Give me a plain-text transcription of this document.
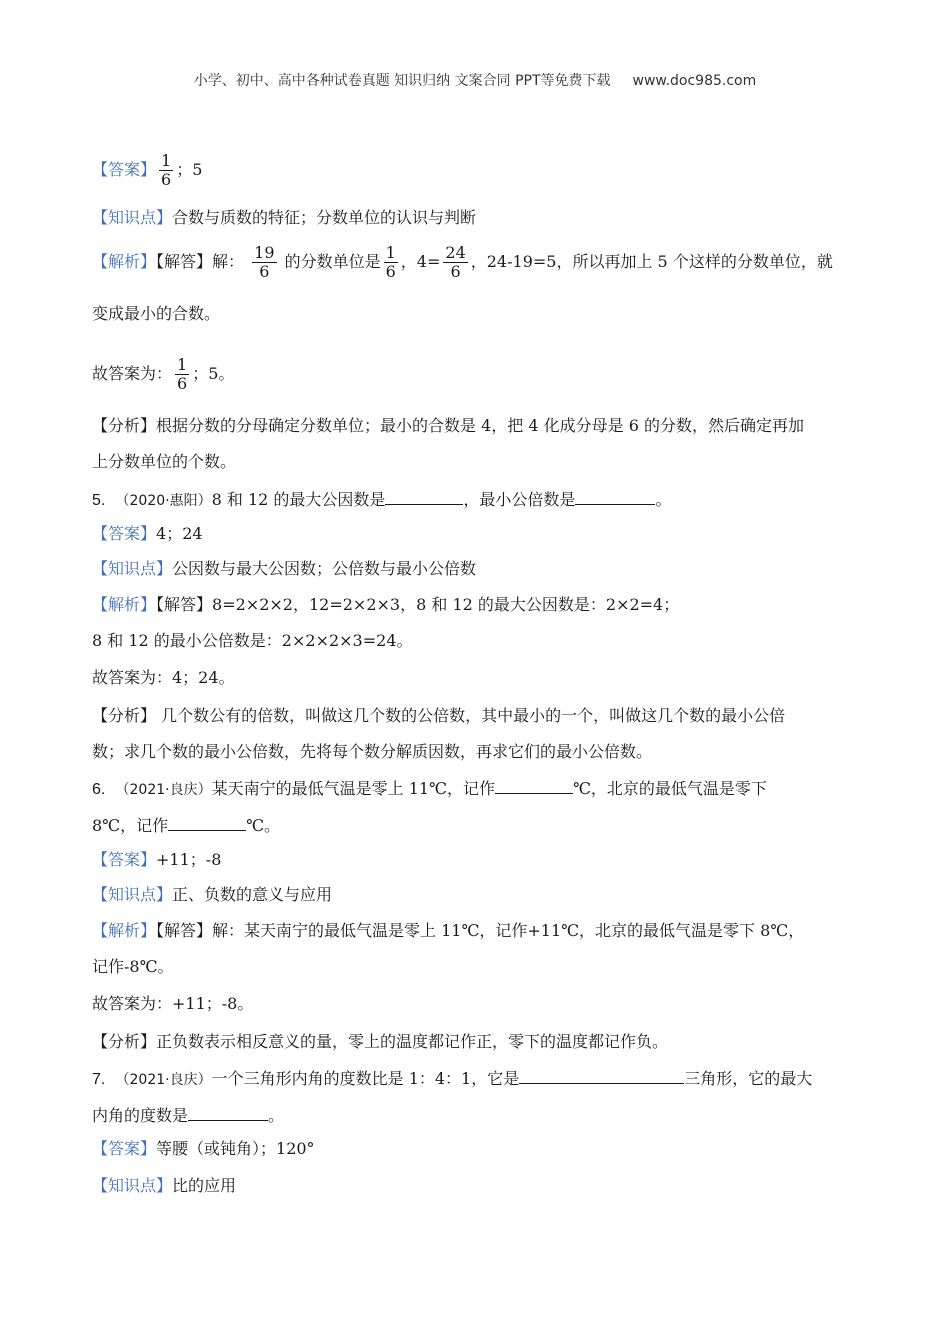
小学、初中、高中各种试卷真题 知识归纳 文案合同 PPT等免费下载 www.doc985.com
【答案】 $\frac{1}{6}$ ；5
【知识点】合数与质数的特征；分数单位的认识与判断
【解析】【解答】解： $\frac{19}{6}$ 的分数单位是 $\frac{1}{6}$ ，$4= \frac{24}{6}$ ，24-19=5，所以再加上 5 个这样的分数单位，就
变成最小的合数。
故答案为： $\frac{1}{6}$ ；5。
【分析】根据分数的分母确定分数单位；最小的合数是 4，把 4 化成分母是 6 的分数，然后确定再加
上分数单位的个数。
5. （2020·惠阳）8 和 12 的最大公因数是	，最小公倍数是	。
【答案】4；24
【知识点】公因数与最大公因数；公倍数与最小公倍数
【解析】【解答】8=2×2×2，12=2×2×3，8 和 12 的最大公因数是：2×2=4；
8 和 12 的最小公倍数是：2×2×2×3=24。
故答案为：4；24。
【分析】 几个数公有的倍数，叫做这几个数的公倍数，其中最小的一个，叫做这几个数的最小公倍
数；求几个数的最小公倍数，先将每个数分解质因数，再求它们的最小公倍数。
6. （2021·良庆）某天南宁的最低气温是零上 11℃，记作	℃，北京的最低气温是零下
8℃，记作	℃。
【答案】+11；-8
【知识点】正、负数的意义与应用
【解析】【解答】解：某天南宁的最低气温是零上 11℃，记作+11℃，北京的最低气温是零下 8℃，
记作-8℃。
故答案为：+11；-8。
【分析】正负数表示相反意义的量，零上的温度都记作正，零下的温度都记作负。
7. （2021·良庆）一个三角形内角的度数比是 1：4：1，它是	三角形，它的最大
内角的度数是	。
【答案】等腰（或钝角）；120°
【知识点】比的应用
